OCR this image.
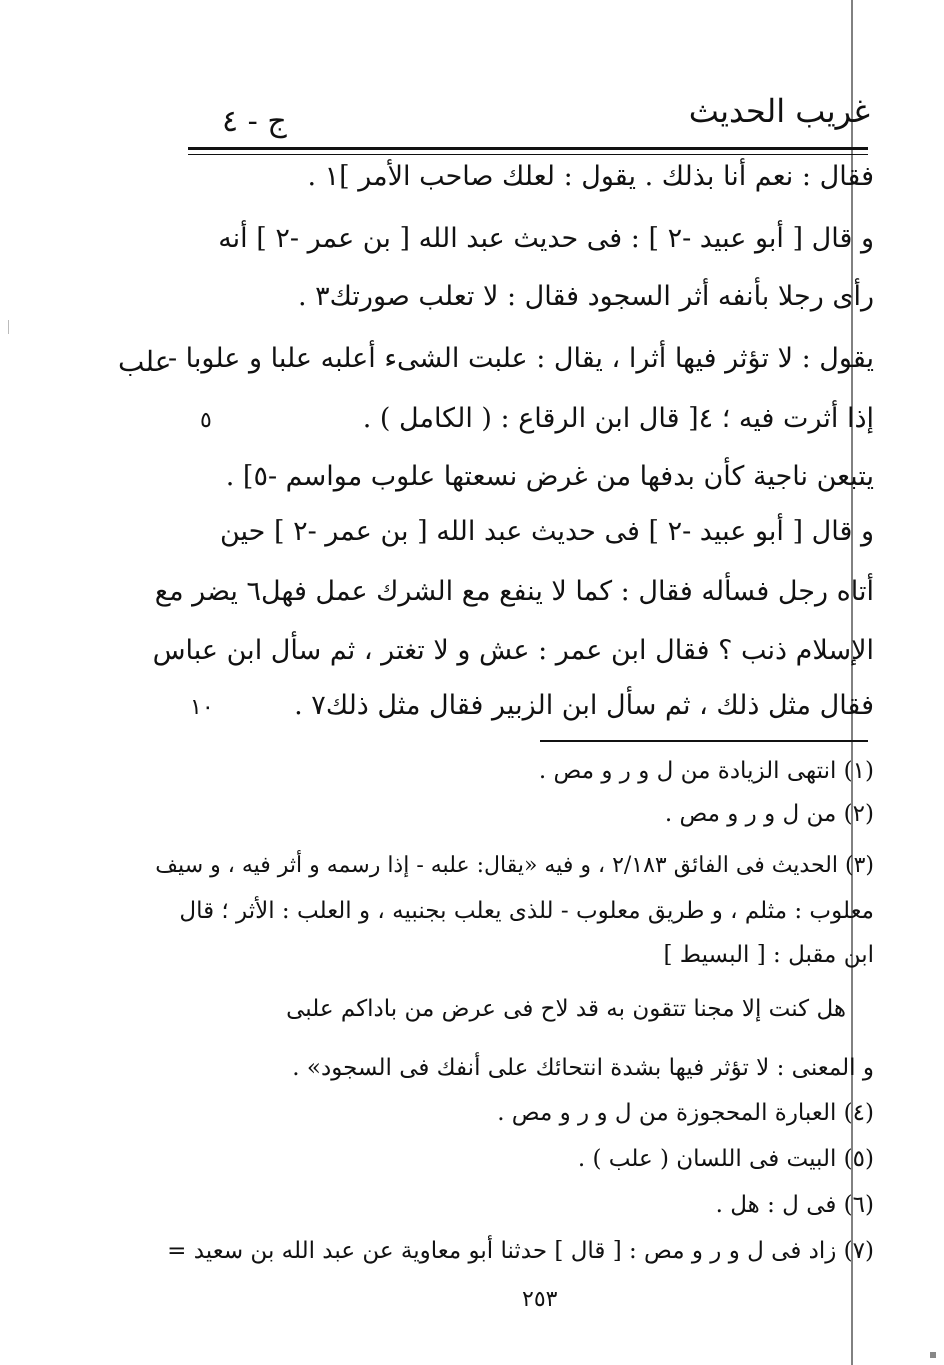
غريب الحديث
ج - ٤
علب
٥
١٠
فقال : نعم أنا بذلك . يقول : لعلك صاحب الأمر ]١ .
و قال [ أبو عبيد -٢ ] : فى حديث عبد الله [ بن عمر -٢ ] أنه
رأى رجلا بأنفه أثر السجود فقال : لا تعلب صورتك٣ .
يقول : لا تؤثر فيها أثرا ، يقال : علبت الشىء أعلبه علبا و علوبا -
إذا أثرت فيه ؛ ٤[ قال ابن الرقاع : ( الكامل ) .
يتبعن ناجية كأن بدفها من غرض نسعتها علوب مواسم -٥] .
و قال [ أبو عبيد -٢ ] فى حديث عبد الله [ بن عمر -٢ ] حين
أتاه رجل فسأله فقال : كما لا ينفع مع الشرك عمل فهل٦ يضر مع
الإسلام ذنب ؟ فقال ابن عمر : عش و لا تغتر ، ثم سأل ابن عباس
فقال مثل ذلك ، ثم سأل ابن الزبير فقال مثل ذلك٧ .
(١) انتهى الزيادة من ل و ر و مص .
(٢) من ل و ر و مص .
(٣) الحديث فى الفائق ٢/١٨٣ ، و فيه «يقال: علبه - إذا رسمه و أثر فيه ، و سيف
معلوب : مثلم ، و طريق معلوب - للذى يعلب بجنبيه ، و العلب : الأثر ؛ قال
ابن مقبل : [ البسيط ]
هل كنت إلا مجنا تتقون به قد لاح فى عرض من باداكم علبى
و المعنى : لا تؤثر فيها بشدة انتحائك على أنفك فى السجود» .
(٤) العبارة المحجوزة من ل و ر و مص .
(٥) البيت فى اللسان ( علب ) .
(٦) فى ل : هل .
(٧) زاد فى ل و ر و مص : [ قال ] حدثنا أبو معاوية عن عبد الله بن سعيد =
٢٥٣
